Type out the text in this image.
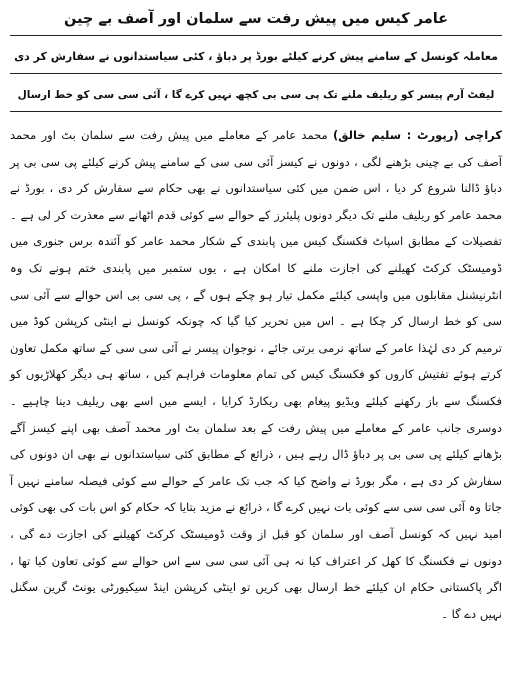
عامر کیس میں پیش رفت سے سلمان اور آصف بے چین
معاملہ کونسل کے سامنے پیش کرنے کیلئے بورڈ پر دباؤ ، کئی سیاستدانوں نے سفارش کر دی
لیفٹ آرم پیسر کو ریلیف ملنے تک پی سی بی کچھ نہیں کرے گا ، آئی سی سی کو خط ارسال
کراچی (رپورٹ : سلیم خالق) محمد عامر کے معاملے میں پیش رفت سے سلمان بٹ اور محمد آصف کی بے چینی بڑھنے لگی ، دونوں نے کیسز آئی سی سی کے سامنے پیش کرنے کیلئے پی سی بی پر دباؤ ڈالنا شروع کر دیا ، اس ضمن میں کئی سیاستدانوں نے بھی حکام سے سفارش کر دی ، بورڈ نے محمد عامر کو ریلیف ملنے تک دیگر دونوں پلیئرز کے حوالے سے کوئی قدم اٹھانے سے معذرت کر لی ہے ۔ تفصیلات کے مطابق اسپاٹ فکسنگ کیس میں پابندی کے شکار محمد عامر کو آئندہ برس جنوری میں ڈومیسٹک کرکٹ کھیلنے کی اجازت ملنے کا امکان ہے ، یوں ستمبر میں پابندی ختم ہونے تک وہ انٹرنیشنل مقابلوں میں واپسی کیلئے مکمل تیار ہو چکے ہوں گے ، پی سی بی اس حوالے سے آئی سی سی کو خط ارسال کر چکا ہے ۔ اس میں تحریر کیا گیا کہ چونکہ کونسل نے اینٹی کرپشن کوڈ میں ترمیم کر دی لہٰذا عامر کے ساتھ نرمی برتی جائے ، نوجوان پیسر نے آئی سی سی کے ساتھ مکمل تعاون کرتے ہوئے تفتیش کاروں کو فکسنگ کیس کی تمام معلومات فراہم کیں ، ساتھ ہی دیگر کھلاڑیوں کو فکسنگ سے باز رکھنے کیلئے ویڈیو پیغام بھی ریکارڈ کرایا ، ایسے میں اسے بھی ریلیف دینا چاہیے ۔ دوسری جانب عامر کے معاملے میں پیش رفت کے بعد سلمان بٹ اور محمد آصف بھی اپنے کیسز آگے بڑھانے کیلئے پی سی بی پر دباؤ ڈال رہے ہیں ، ذرائع کے مطابق کئی سیاستدانوں نے بھی ان دونوں کی سفارش کر دی ہے ، مگر بورڈ نے واضح کیا کہ جب تک عامر کے حوالے سے کوئی فیصلہ سامنے نہیں آ جاتا وہ آئی سی سی سے کوئی بات نہیں کرے گا ، ذرائع نے مزید بتایا کہ حکام کو اس بات کی بھی کوئی امید نہیں کہ کونسل آصف اور سلمان کو قبل از وقت ڈومیسٹک کرکٹ کھیلنے کی اجازت دے گی ، دونوں نے فکسنگ کا کھل کر اعتراف کیا نہ ہی آئی سی سی سے اس حوالے سے کوئی تعاون کیا تھا ، اگر پاکستانی حکام ان کیلئے خط ارسال بھی کریں تو اینٹی کرپشن اینڈ سیکیورٹی یونٹ گرین سگنل نہیں دے گا ۔
